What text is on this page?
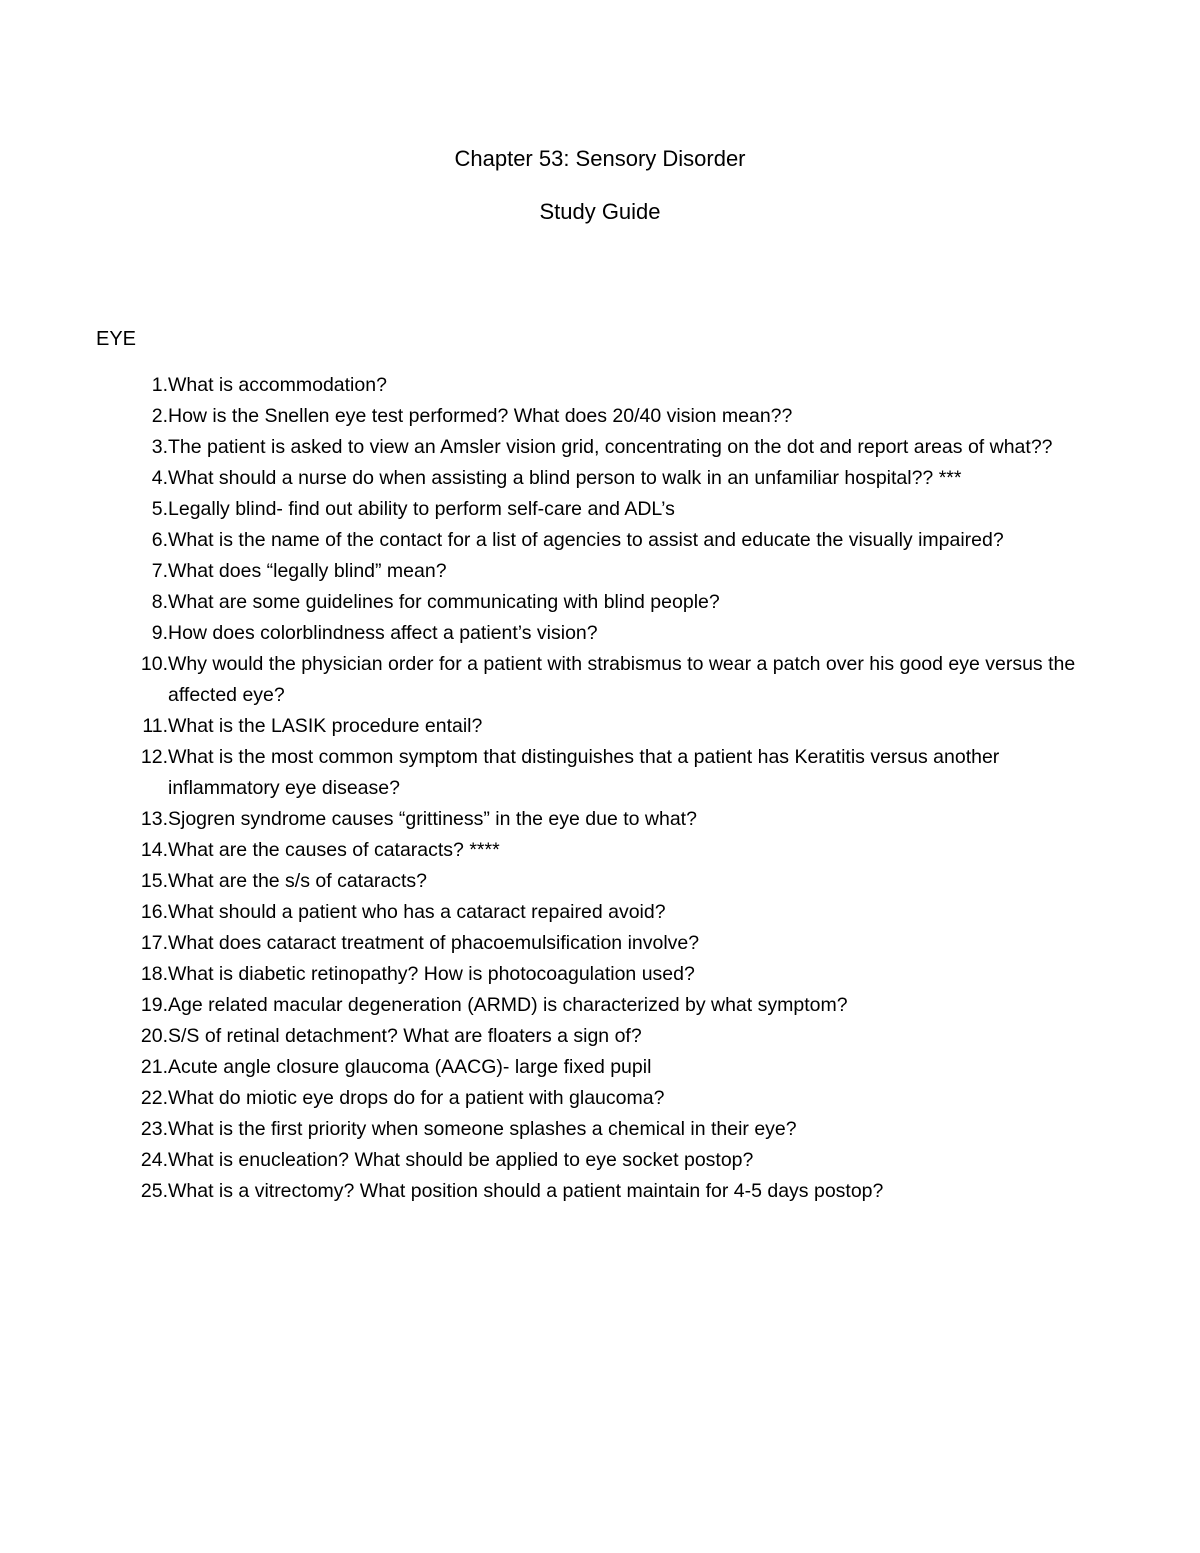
Chapter 53: Sensory Disorder
Study Guide
EYE
1. What is accommodation?
2. How is the Snellen eye test performed? What does 20/40 vision mean??
3. The patient is asked to view an Amsler vision grid, concentrating on the dot and report areas of what??
4. What should a nurse do when assisting a blind person to walk in an unfamiliar hospital?? ***
5. Legally blind- find out ability to perform self-care and ADL’s
6. What is the name of the contact for a list of agencies to assist and educate the visually impaired?
7. What does “legally blind” mean?
8. What are some guidelines for communicating with blind people?
9. How does colorblindness affect a patient’s vision?
10. Why would the physician order for a patient with strabismus to wear a patch over his good eye versus the affected eye?
11. What is the LASIK procedure entail?
12. What is the most common symptom that distinguishes that a patient has Keratitis versus another inflammatory eye disease?
13. Sjogren syndrome causes “grittiness” in the eye due to what?
14. What are the causes of cataracts? ****
15. What are the s/s of cataracts?
16. What should a patient who has a cataract repaired avoid?
17. What does cataract treatment of phacoemulsification involve?
18. What is diabetic retinopathy? How is photocoagulation used?
19. Age related macular degeneration (ARMD) is characterized by what symptom?
20. S/S of retinal detachment? What are floaters a sign of?
21. Acute angle closure glaucoma (AACG)- large fixed pupil
22. What do miotic eye drops do for a patient with glaucoma?
23. What is the first priority when someone splashes a chemical in their eye?
24. What is enucleation? What should be applied to eye socket postop?
25. What is a vitrectomy? What position should a patient maintain for 4-5 days postop?
